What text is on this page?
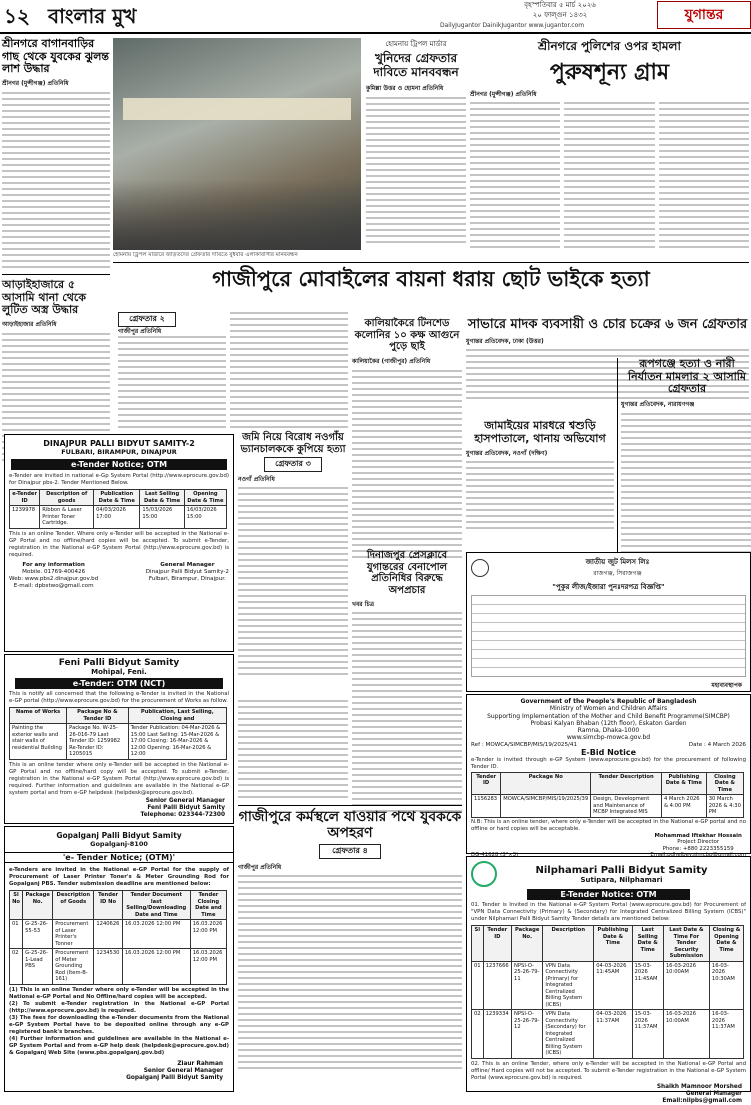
১২ বাংলার মুখ	বৃহস্পতিবার ৫ মার্চ ২০২৬
২০ ফাল্গুন ১৪৩২
DailyJugantor DainikJugantor www.jugantor.com
যুগান্তর
শ্রীনগরে বাগানবাড়ির গাছ থেকে যুবকের ঝুলন্ত লাশ উদ্ধার
শ্রীনগর (মুন্সীগঞ্জ) প্রতিনিধি
আড়াইহাজারে ৫ আসামি থানা থেকে লুটিত অস্ত্র উদ্ধার
আড়াইহাজার প্রতিনিধি
হোমনায় ট্রিপল মার্ডারে জড়িতদের গ্রেফতার দাবিতে বুধবার এলাকাবাসীর মানববন্ধন
হোমনায় ট্রিপল মার্ডার
খুনিদের গ্রেফতার দাবিতে মানববন্ধন
কুমিল্লা উত্তর ও হোমনা প্রতিনিধি
শ্রীনগরে পুলিশের ওপর হামলা
পুরুষশূন্য গ্রাম
শ্রীনগর (মুন্সীগঞ্জ) প্রতিনিধি
গাজীপুরে মোবাইলের বায়না ধরায় ছোট ভাইকে হত্যা
গ্রেফতার ২
গাজীপুর প্রতিনিধি
কালিয়াকৈরে টিনশেড কলোনির ১০ কক্ষ আগুনে পুড়ে ছাই
কালিয়াকৈর (গাজীপুর) প্রতিনিধি
সাভারে মাদক ব্যবসায়ী ও চোর চক্রের ৬ জন গ্রেফতার
যুগান্তর প্রতিবেদক, ঢাকা (উত্তর)
রূপগঞ্জে হত্যা ও নারী নির্যাতন মামলার ২ আসামি গ্রেফতার
যুগান্তর প্রতিবেদক, নারায়ণগঞ্জ
জামাইয়ের মারধরে শ্বশুড়ি হাসপাতালে, থানায় অভিযোগ
যুগান্তর প্রতিবেদক, নওগাঁ (দক্ষিণ)
জমি নিয়ে বিরোধ নওগাঁয় ভ্যানচালককে কুপিয়ে হত্যা
গ্রেফতার ৩
নওগাঁ প্রতিনিধি
দিনাজপুর প্রেসক্লাবে যুগান্তরের বেনাপোল প্রতিনিধির বিরুদ্ধে অপপ্রচার
খবর চিত্র
গাজীপুরে কর্মস্থলে যাওয়ার পথে যুবককে অপহরণ
গ্রেফতার ৪
গাজীপুর প্রতিনিধি
DINAJPUR PALLI BIDYUT SAMITY-2
FULBARI, BIRAMPUR, DINAJPUR
e-Tender Notice; OTM
e-Tender are invited in national e-Gp System Portal (http://www.eprocure.gov.bd) for Dinajpur pbs-2. Tender Mentioned Below.
e-Tender ID	Description of goods	Publication Date & Time	Last Selling Date & Time	Opening Date & Time
1239978	Ribbon & Laser Printer Toner Cartridge.	04/03/2026 17:00	15/03/2026 15:00	16/03/2026 15:00
This is an online Tender. Where only e-Tender will be accepted in the National e-GP Portal and no offline/hard copies will be accepted. To submit e-Tender, registration in the National e-GP System Portal (http://www.eprocure.gov.bd) is required.
For any information
Mobile. 01769-400426
Web: www.pbs2.dinajpur.gov.bd
E-mail: dpbstwo@gmail.com
General Manager
Dinajpur Palli Bidyut Samity-2
Fulbari, Birampur, Dinajpur.
Feni Palli Bidyut Samity
Mohipal, Feni.
e-Tender: OTM (NCT)
This is notify all concerned that the following e-Tender is invited in the National e-GP portal (http://www.eprocure.gov.bd) for the procurement of Works as follow.
Name of Works	Package No & Tender ID	Publication, Last Selling, Closing and
Painting the exterior walls and stair walls of residential Building	Package No. W-25-26-016-79 Last Tender ID: 1259982 Re-Tender ID: 1205015	Tender Publication: 04-Mar-2026 & 15:00 Last Selling: 15-Mar-2026 & 17:00 Closing: 16-Mar-2026 & 12:00 Opening: 16-Mar-2026 & 12:00
This is an online tender where only e-Tender will be accepted in the National e-GP Portal and no offline/hard copy will be accepted. To submit e-Tender, registration in the National e-GP System Portal (http://www.eprocure.gov.bd) is required. Further information and guidelines are available in the National e-GP system portal and from e-GP helpdesk (helpdesk@eprocure.gov.bd).
Senior General Manager
Feni Palli Bidyut Samity
Telephone: 023344-72300
Gopalganj Palli Bidyut Samity
Gopalganj-8100
'e- Tender Notice; (OTM)'
e-Tenders are invited in the National e-GP Portal for the supply of Procurement of Laser Printer Toner's & Meter Grounding Rod for Gopalganj PBS. Tender submission deadline are mentioned below:
Sl No	Package No.	Description of Goods	Tender ID No	Tender Document last Selling/Downloading Date and Time	Tender Closing Date and Time
01	G-25-26-55-53	Procurement of Laser Printer's Tonner	1240626	16.03.2026 12:00 PM	16.03.2026 12:00 PM
02	G-25-26-1-Lead PBS	Procurement of Meter Grounding Rod (Item-B-161)	1234530	16.03.2026 12:00 PM	16.03.2026 12:00 PM
(1) This is an online Tender where only e-Tender will be accepted in the National e-GP Portal and No Offline/hard copies will be accepted.
(2) To submit e-Tender registration in the National e-GP Portal (http://www.eprocure.gov.bd) is required.
(3) The fees for downloading the e-Tender documents from the National e-GP System Portal have to be deposited online through any e-GP registered bank's branches.
(4) Further information and guidelines are available in the National e-GP System Portal and from e-GP help desk (helpdesk@eprocure.gov.bd) & Gopalganj Web Site (www.pbs.gopalganj.gov.bd)
Ziaur Rahman
Senior General Manager
Gopalganj Palli Bidyut Samity
জাতীয় জুট মিলস লিঃ
রাজগঞ্জ, সিরাজগঞ্জ
"পুকুর লীজ/ইজারা পুনঃদরপত্র বিজ্ঞপ্তি"
মহাব্যবস্থাপক
Government of the People's Republic of Bangladesh
Ministry of Women and Children Affairs
Supporting Implementation of the Mother and Child Benefit Programme(SIMCBP)
Probasi Kalyan Bhaban (12th floor), Eskaton Garden
Ramna, Dhaka-1000
www.simcbp-mowca.gov.bd
Ref : MOWCA/SIMCBP/MIS/19/2025/41	Date : 4 March 2026
E-Bid Notice
e-Tender is invited through e-GP System (www.eprocure.gov.bd) for the procurement of following Tender ID.
Tender ID	Package No	Tender Description	Publishing Date & Time	Closing Date & Time
1156283	MOWCA/SIMCBP/MIS/19/2025/39	Design, Development and Maintenance of MCBP Integrated MIS	4 March 2026 & 4:00 PM	30 March 2026 & 4:30 PM
N.B: This is an online tender, where only e-Tender will be accepted in the National e-GP portal and no offline or hard copies will be acceptable.
Mohammad Iftekhar Hossain
Project Director
Phone: +880 2223355159
Nilphamari Palli Bidyut Samity
Sutipara, Nilphamari
E-Tender Notice: OTM
01. Tender is Invited in the National e-GP System Portal (www.eprocure.gov.bd) for Procurement of "VPN Data Connectivity (Primary) & (Secondary) for Integrated Centralized Billing System (ICBS)" under Nilphamari Palli Bidyut Samity Tender details are mentioned below:
Sl	Tender ID	Package No.	Description	Publishing Date & Time	Last Selling Date & Time	Last Date & Time For Tender Security Submission	Closing & Opening Date & Time
01	1237666	NPSI-O-25-26-79-11	VPN Data Connectivity (Primary) for Integrated Centralized Billing System (ICBS)	04-03-2026 11:45AM	15-03-2026 11:45AM	16-03-2026 10:00AM	16-03-2026 10:30AM
02	1239334	NPSI-O-25-26-79-12	VPN Data Connectivity (Secondary) for Integrated Centralized Billing System (ICBS)	04-03-2026 11:37AM	15-03-2026 11:37AM	16-03-2026 10:00AM	16-03-2026 11:37AM
02. This is an online Tender, where only e-Tender will be accepted in the National e-GP Portal and offline/ Hard copies will not be accepted. To submit e-Tender registration in the National e-GP System Portal (www.eprocure.gov.bd) is required.
Shaikh Mamnoor Morshed
General Manager
Email:nilpbs@gmail.com
